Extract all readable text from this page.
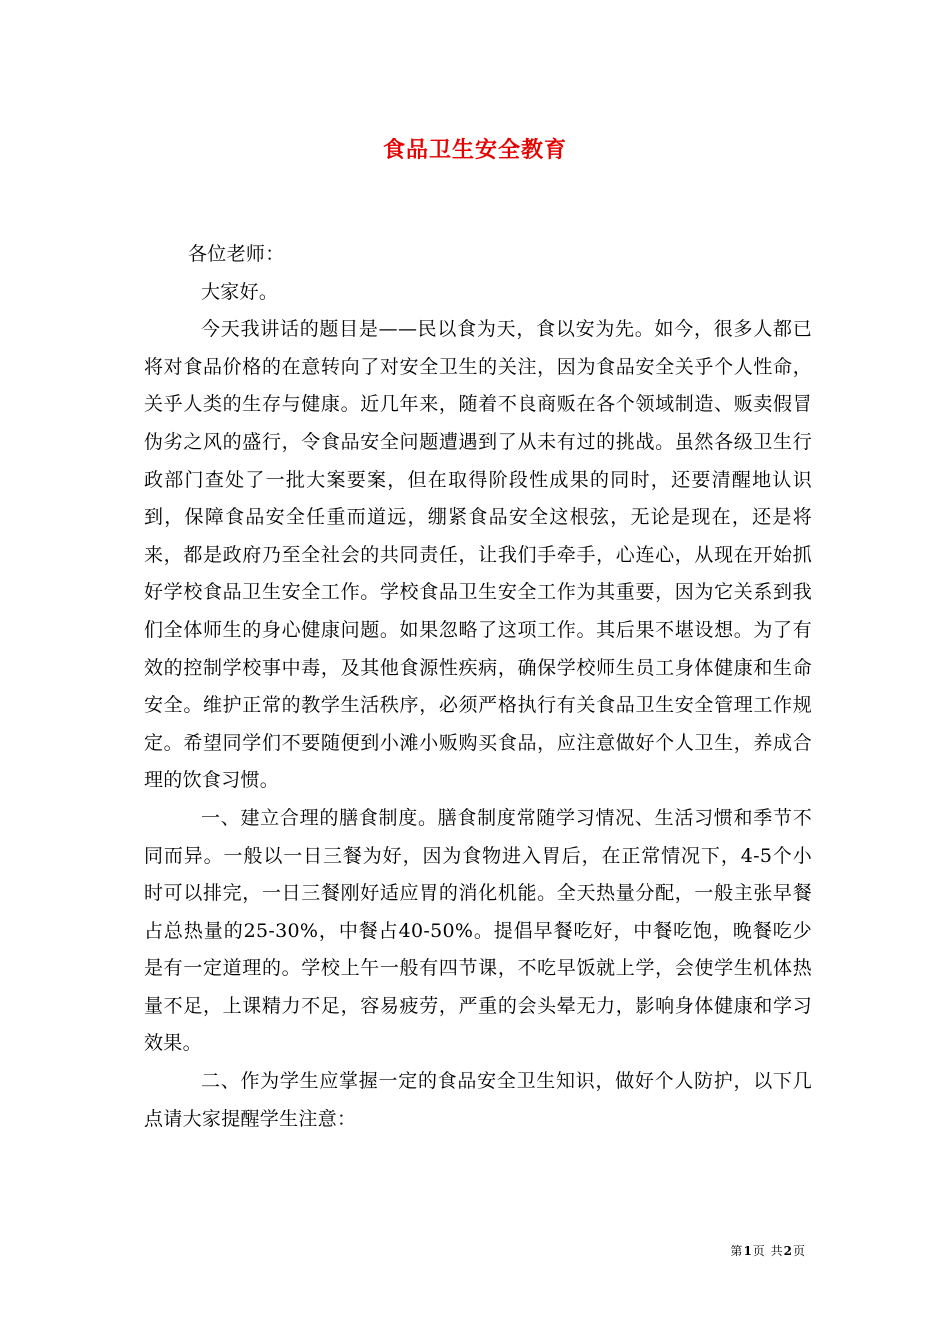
食品卫生安全教育

各位老师：

大家好。

今天我讲话的题目是——民以食为天，食以安为先。如今，很多人都已将对食品价格的在意转向了对安全卫生的关注，因为食品安全关乎个人性命，关乎人类的生存与健康。近几年来，随着不良商贩在各个领域制造、贩卖假冒伪劣之风的盛行，令食品安全问题遭遇到了从未有过的挑战。虽然各级卫生行政部门查处了一批大案要案，但在取得阶段性成果的同时，还要清醒地认识到，保障食品安全任重而道远，绷紧食品安全这根弦，无论是现在，还是将来，都是政府乃至全社会的共同责任，让我们手牵手，心连心，从现在开始抓好学校食品卫生安全工作。学校食品卫生安全工作为其重要，因为它关系到我们全体师生的身心健康问题。如果忽略了这项工作。其后果不堪设想。为了有效的控制学校事中毒，及其他食源性疾病，确保学校师生员工身体健康和生命安全。维护正常的教学生活秩序，必须严格执行有关食品卫生安全管理工作规定。希望同学们不要随便到小滩小贩购买食品，应注意做好个人卫生，养成合理的饮食习惯。

一、建立合理的膳食制度。膳食制度常随学习情况、生活习惯和季节不同而异。一般以一日三餐为好，因为食物进入胃后，在正常情况下，4-5个小时可以排完，一日三餐刚好适应胃的消化机能。全天热量分配，一般主张早餐占总热量的25-30%，中餐占40-50%。提倡早餐吃好，中餐吃饱，晚餐吃少是有一定道理的。学校上午一般有四节课，不吃早饭就上学，会使学生机体热量不足，上课精力不足，容易疲劳，严重的会头晕无力，影响身体健康和学习效果。

二、作为学生应掌握一定的食品安全卫生知识，做好个人防护，以下几点请大家提醒学生注意：

第1页 共2页
